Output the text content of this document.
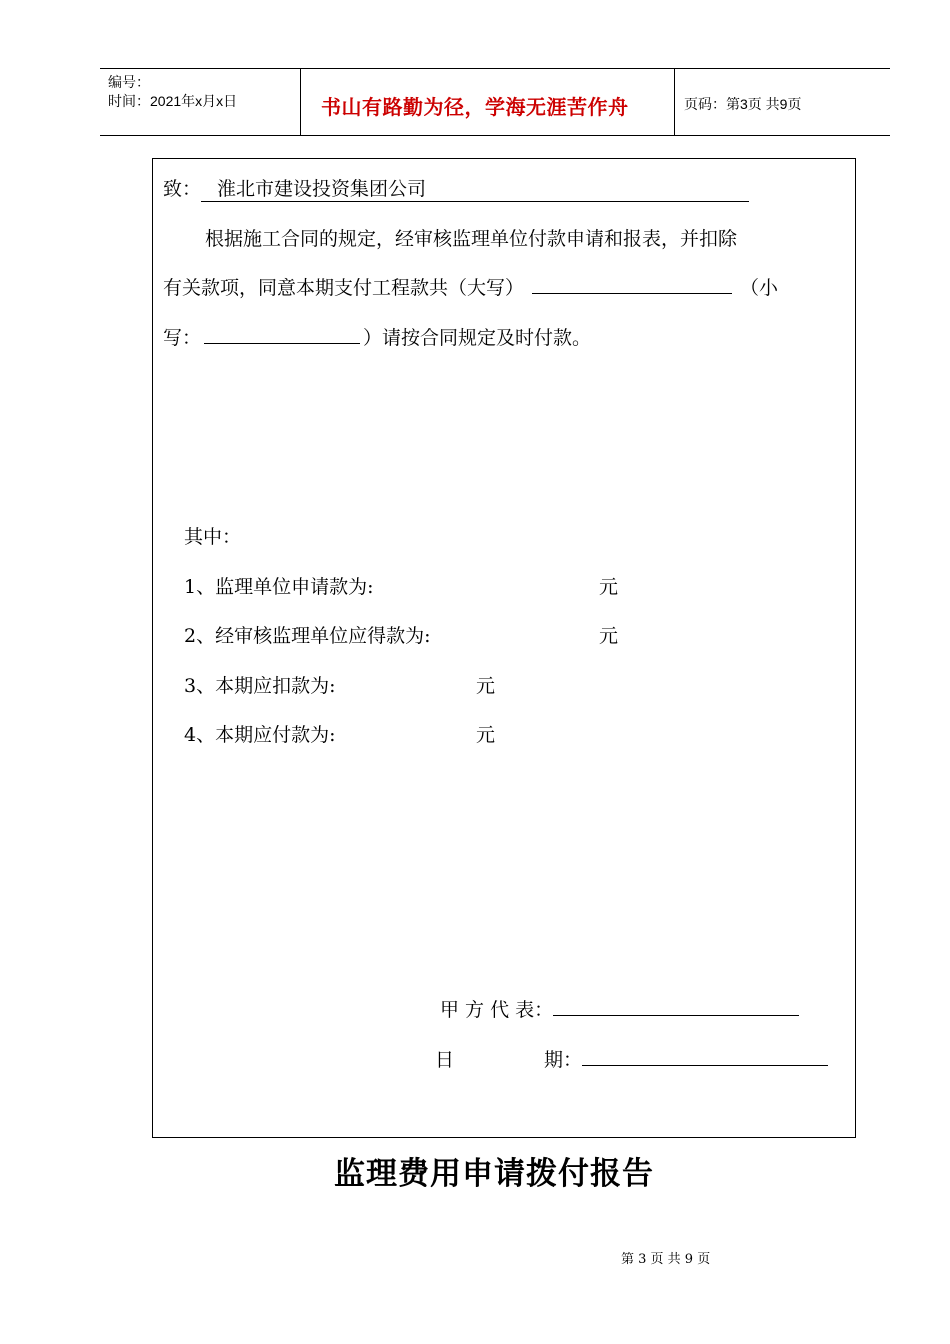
编号：
时间：2021年x月x日	书山有路勤为径，学海无涯苦作舟	页码：第3页 共9页
致： 淮北市建设投资集团公司
根据施工合同的规定，经审核监理单位付款申请和报表，并扣除
有关款项，同意本期支付工程款共（大写）	（小
写：	）请按合同规定及时付款。
其中：
1、监理单位申请款为:	元
2、经审核监理单位应得款为:	元
3、本期应扣款为:	元
4、本期应付款为:	元
甲 方 代 表：
日	期：
监理费用申请拨付报告
第 3 页 共 9 页
